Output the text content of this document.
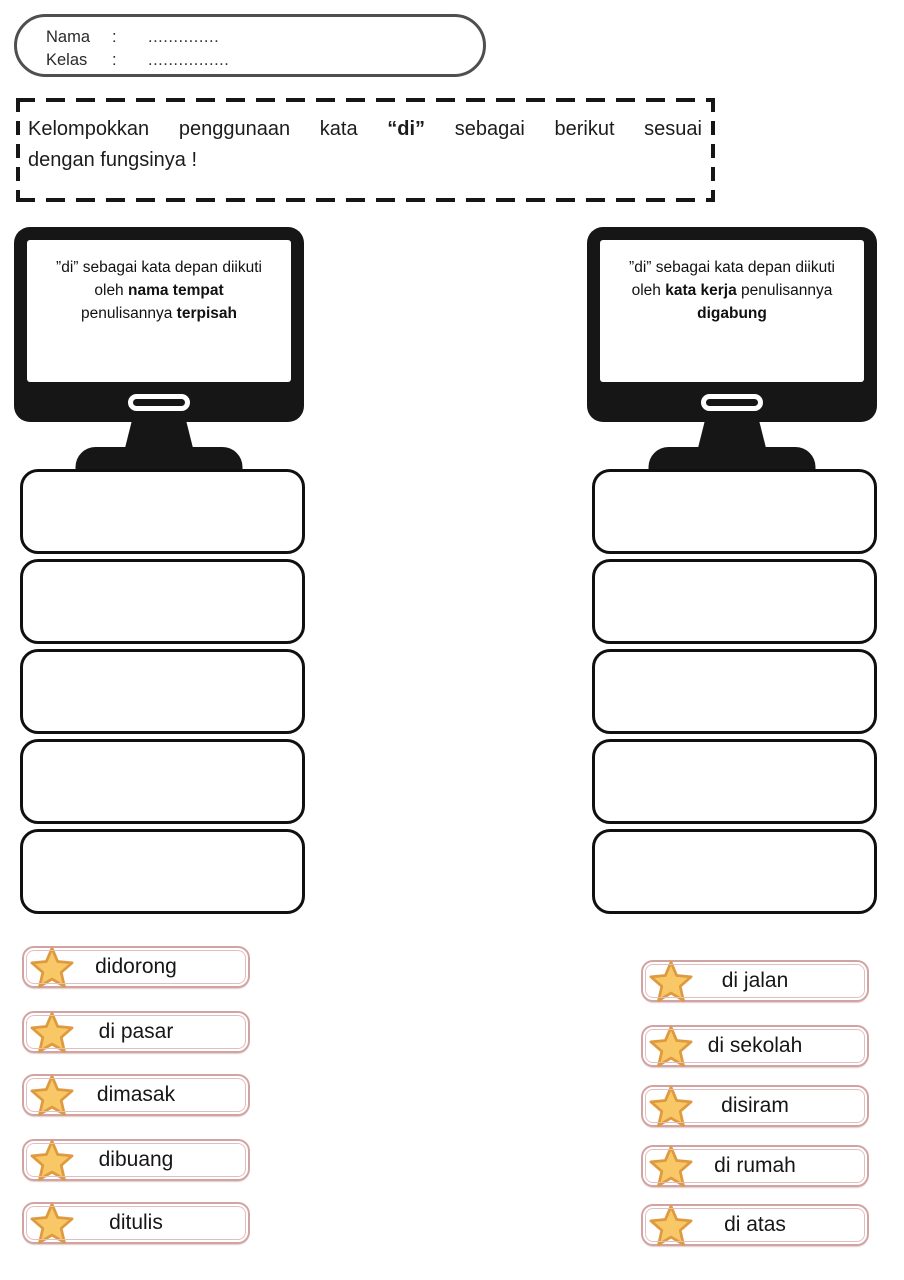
Nama	:	..............
Kelas	:	................
Kelompokkan penggunaan kata “di” sebagai berikut sesuai
dengan fungsinya !
”di” sebagai kata depan diikuti
oleh nama tempat
penulisannya terpisah
”di” sebagai kata depan diikuti
oleh kata kerja penulisannya
digabung
didorong
di pasar
dimasak
dibuang
ditulis
di jalan
di sekolah
disiram
di rumah
di atas
